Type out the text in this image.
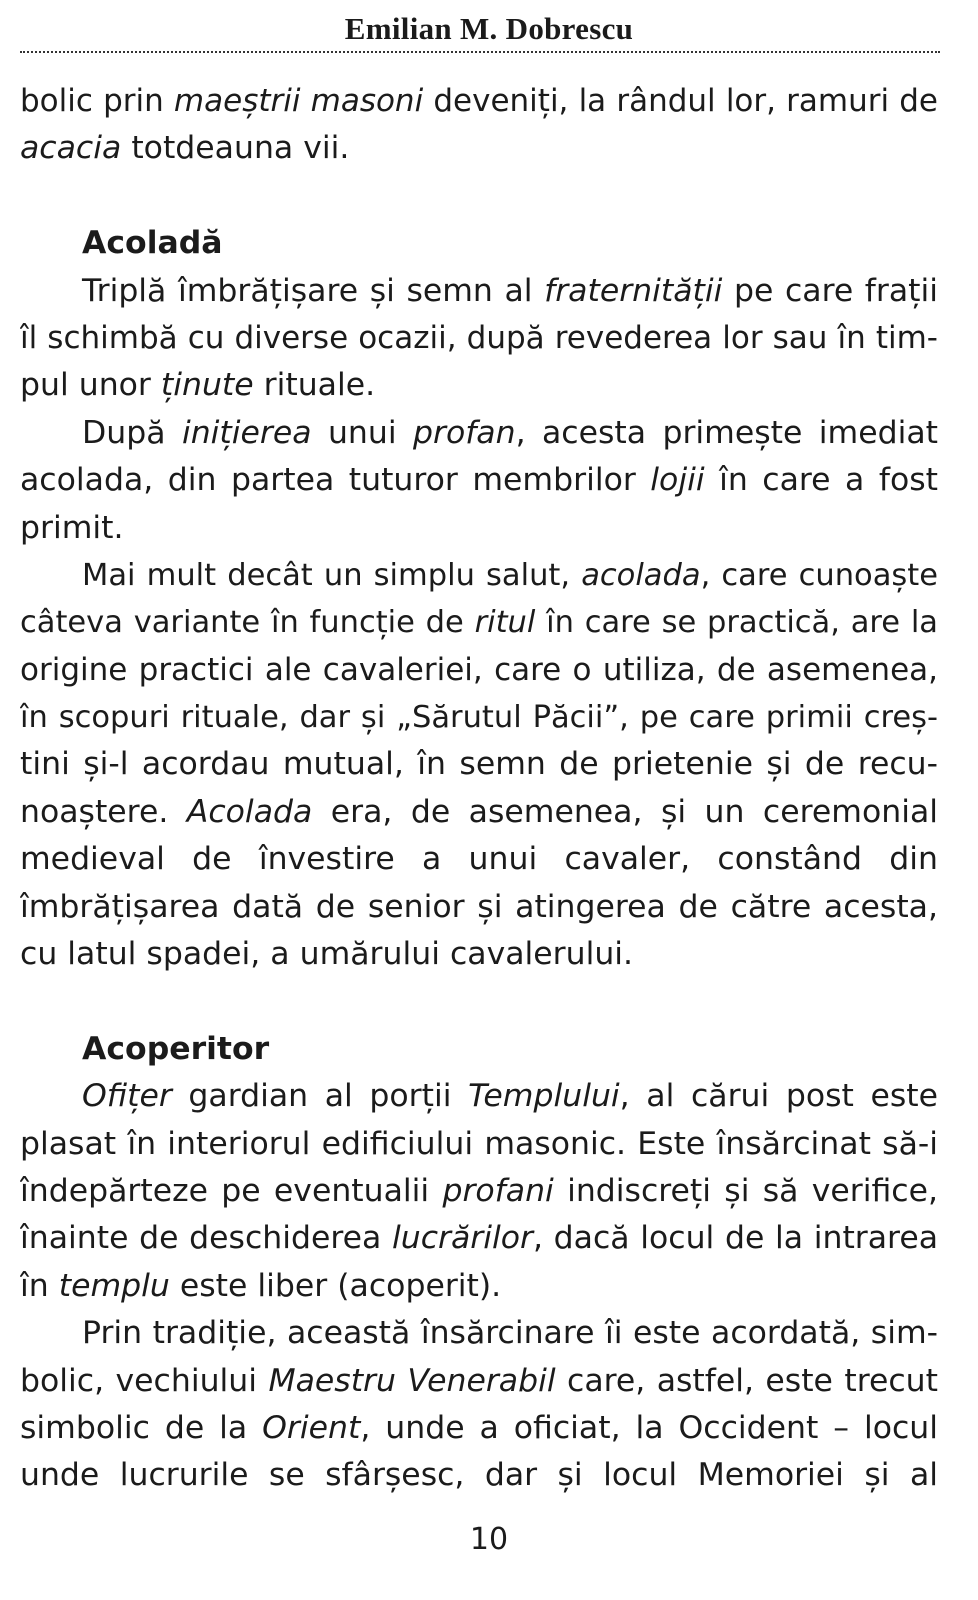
Emilian M. Dobrescu
bolic prin maeștrii masoni deveniți, la rândul lor, ramuri de
acacia totdeauna vii.
Acoladă
Triplă îmbrățișare și semn al fraternității pe care frații
îl schimbă cu diverse ocazii, după revederea lor sau în tim-
pul unor ținute rituale.
După inițierea unui profan, acesta primește imediat
acolada, din partea tuturor membrilor lojii în care a fost
primit.
Mai mult decât un simplu salut, acolada, care cunoaște
câteva variante în funcție de ritul în care se practică, are la
origine practici ale cavaleriei, care o utiliza, de asemenea,
în scopuri rituale, dar și „Sărutul Păcii”, pe care primii creș-
tini și-l acordau mutual, în semn de prietenie și de recu-
noaștere. Acolada era, de asemenea, și un ceremonial
medieval de învestire a unui cavaler, constând din
îmbrățișarea dată de senior și atingerea de către acesta,
cu latul spadei, a umărului cavalerului.
Acoperitor
Ofițer gardian al porții Templului, al cărui post este
plasat în interiorul edificiului masonic. Este însărcinat să-i
îndepărteze pe eventualii profani indiscreți și să verifice,
înainte de deschiderea lucrărilor, dacă locul de la intrarea
în templu este liber (acoperit).
Prin tradiție, această însărcinare îi este acordată, sim-
bolic, vechiului Maestru Venerabil care, astfel, este trecut
simbolic de la Orient, unde a oficiat, la Occident – locul
unde lucrurile se sfârșesc, dar și locul Memoriei și al
10
